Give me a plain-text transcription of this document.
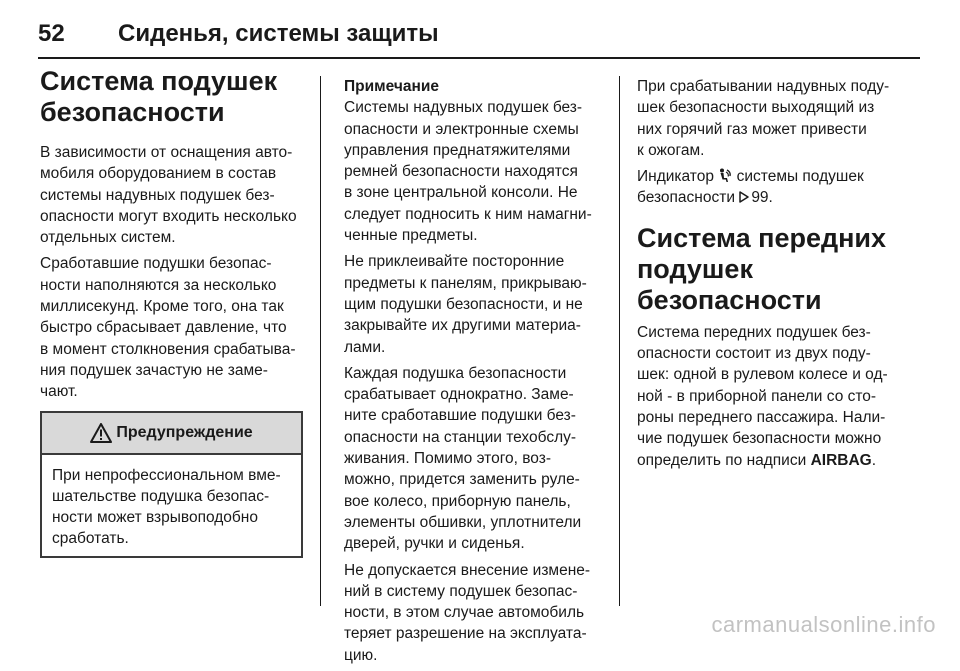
52 Сиденья, системы защиты
Система подушек
безопасности

В зависимости от оснащения авто-
мобиля оборудованием в состав
системы надувных подушек без-
опасности могут входить несколько
отдельных систем.

Сработавшие подушки безопас-
ности наполняются за несколько
миллисекунд. Кроме того, она так
быстро сбрасывает давление, что
в момент столкновения срабатыва-
ния подушек зачастую не заме-
чают.

Предупреждение
При непрофессиональном вме-
шательстве подушка безопас-
ности может взрывоподобно
сработать.
Примечание

Системы надувных подушек без-
опасности и электронные схемы
управления преднатяжителями
ремней безопасности находятся
в зоне центральной консоли. Не
следует подносить к ним намагни-
ченные предметы.

Не приклеивайте посторонние
предметы к панелям, прикрываю-
щим подушки безопасности, и не
закрывайте их другими материа-
лами.

Каждая подушка безопасности
срабатывает однократно. Заме-
ните сработавшие подушки без-
опасности на станции техобслу-
живания. Помимо этого, воз-
можно, придется заменить руле-
вое колесо, приборную панель,
элементы обшивки, уплотнители
дверей, ручки и сиденья.

Не допускается внесение измене-
ний в систему подушек безопас-
ности, в этом случае автомобиль
теряет разрешение на эксплуата-
цию.

При срабатывании надувных поду-
шек безопасности выходящий из
них горячий газ может привести
к ожогам.

Индикатор системы подушек
безопасности 99.

Система передних
подушек безопасности

Система передних подушек без-
опасности состоит из двух поду-
шек: одной в рулевом колесе и од-
ной - в приборной панели со сто-
роны переднего пассажира. Нали-
чие подушек безопасности можно
определить по надписи AIRBAG.

carmanualsonline.info
